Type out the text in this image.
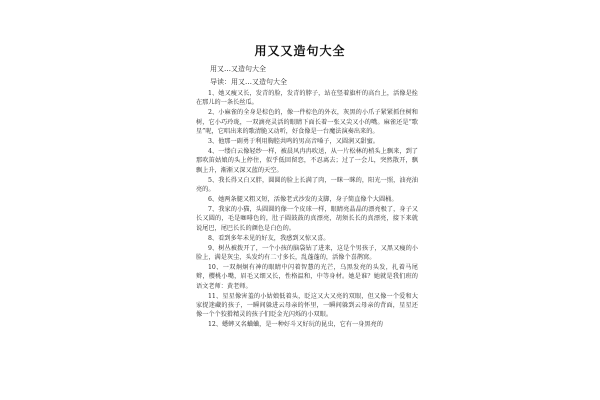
用又又造句大全
用又…又造句大全
导读：用又…又造句大全

1、她又瘦又长，发青的脸，发青的脖子，站在竖着旗杆的高台上，活像是拴在那儿的一条长丝瓜。

2、小麻雀的全身是棕色的，像一件棕色的外衣，灰黑的小爪子紧紧抓住树和树，它小巧玲珑，一双滴亮灵活的眼睛下面长着一张又尖又小的嘴。麻雀还是“歌星”呢，它唱出来的歌清脆又动听，好食像是一台魔法演奏出来的。

3、他那一副勇于利用胸腔共鸣的男高音嗓子，又圆润又甜蜜。

4、一缕白云像轻纱一样，被晨风冉冉吹送，从一片松林的梢头上飘来，到了那吹笛姑娘的头上停住，似乎低回留恋，不忍离去；过了一会儿，突然散开，飘飘上升，渐渐又深又蓝的天空。

5、我长得又白又胖，圆圆的脸上长满了肉，一眯一眯的，阳光一照，油亮油亮的。

6、她两条腿又粗又短，活像老式沙发的支脚，身子简直像个大圆桶。

7、我家的小猫，头圆圆的像一个皮球一样，眼睛亮晶晶的漂亮极了，身子又长又圆的，毛是咖啡色的，肚子圆鼓鼓的真漂亮，胡须长长的真漂亮，接下来就说尾巴，尾巴长长的颜色是白色的。

8、看到多年未见的好友，我感到又惊又喜。

9、树丛被拨开了，一个小孩的脑袋钻了进来，这是个男孩子，又黑又瘦的小脸上，满是灰尘，头发约有二寸多长，乱蓬蓬的，活像个喜鹊窝。

10、一双炯炯有神的眼睛中闪着智慧的光芒，乌黑发亮的头发，扎着马尾辫，樱桃小嘴，眉毛又细又长，性格温和，中等身材。她是谁？她就是我们班的语文老师：黄老师。

11、星星像害羞的小姑娘低着头，眨这又大又亮的双眼，但又像一个爱和大家捉迷藏的孩子，一瞬间躲进云母亲的怀里，一瞬间躲到云母亲的背面，星星还像一个个狡猾精灵的孩子们眨金光闪烁的小双眼。

12、蟋蟀又名蛐蛐，是一种好斗又好玩的昆虫，它有一身黑亮的
